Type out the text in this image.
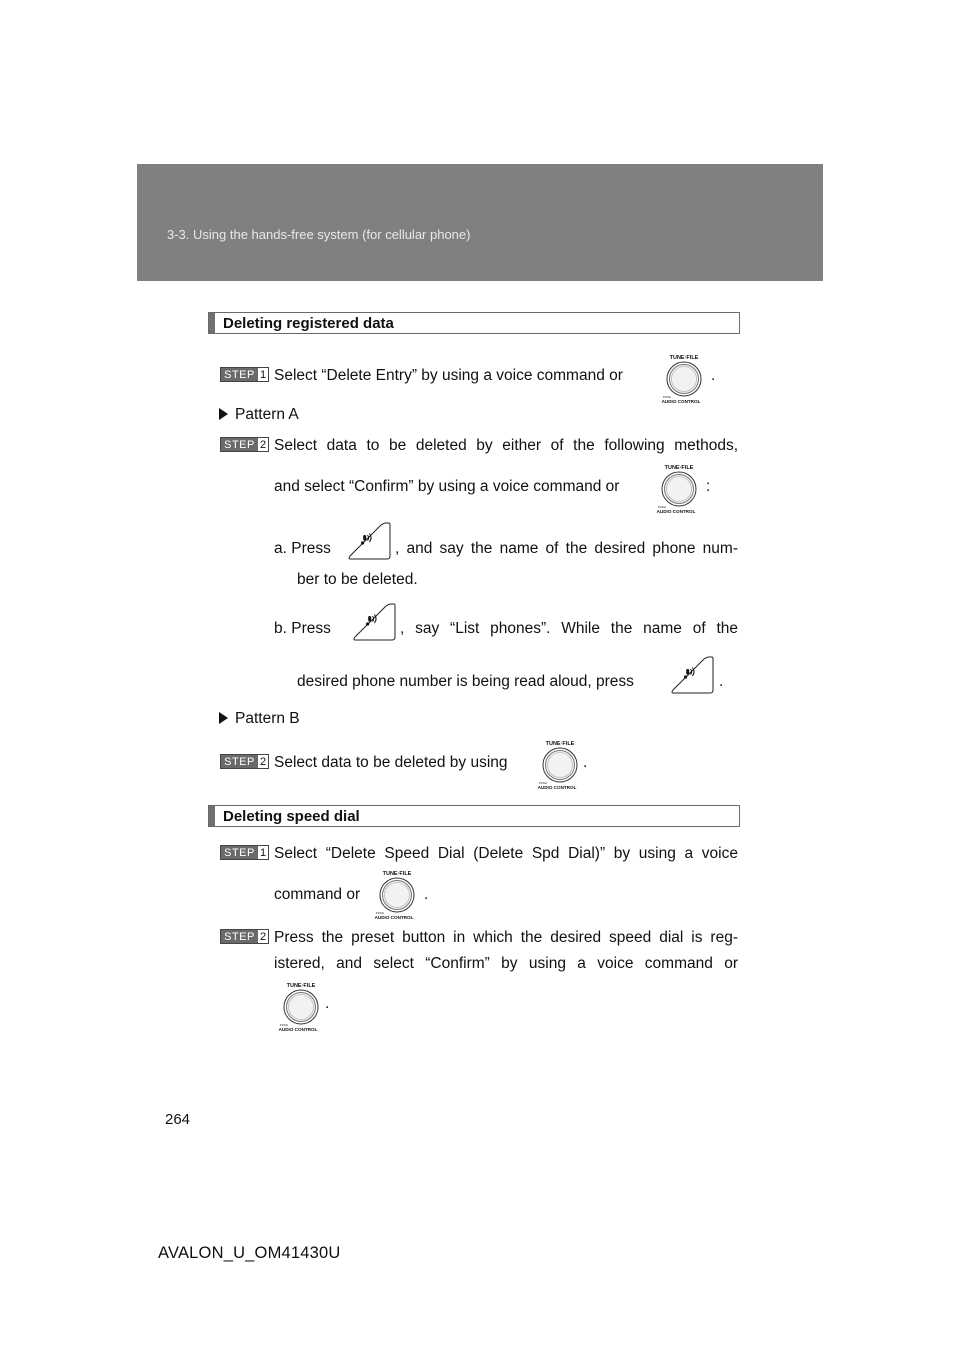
3-3. Using the hands-free system (for cellular phone)
Deleting registered data
STEP 1 Select “Delete Entry” by using a voice command or
TUNE·FILE
PUSH
AUDIO CONTROL
.
Pattern A
STEP 2 Select data to be deleted by either of the following methods,
and select “Confirm” by using a voice command or
TUNE·FILE
PUSH
AUDIO CONTROL
:
a. Press	, and say the name of the desired phone num-
ber to be deleted.
b. Press	, say “List phones”. While the name of the
desired phone number is being read aloud, press	.
Pattern B
STEP 2 Select data to be deleted by using
TUNE·FILE
PUSH
AUDIO CONTROL
.
Deleting speed dial
STEP 1 Select “Delete Speed Dial (Delete Spd Dial)” by using a voice
command or
TUNE·FILE
PUSH
AUDIO CONTROL
.
STEP 2 Press the preset button in which the desired speed dial is reg-
istered, and select “Confirm” by using a voice command or
TUNE·FILE
PUSH
AUDIO CONTROL
.
264
AVALON_U_OM41430U
